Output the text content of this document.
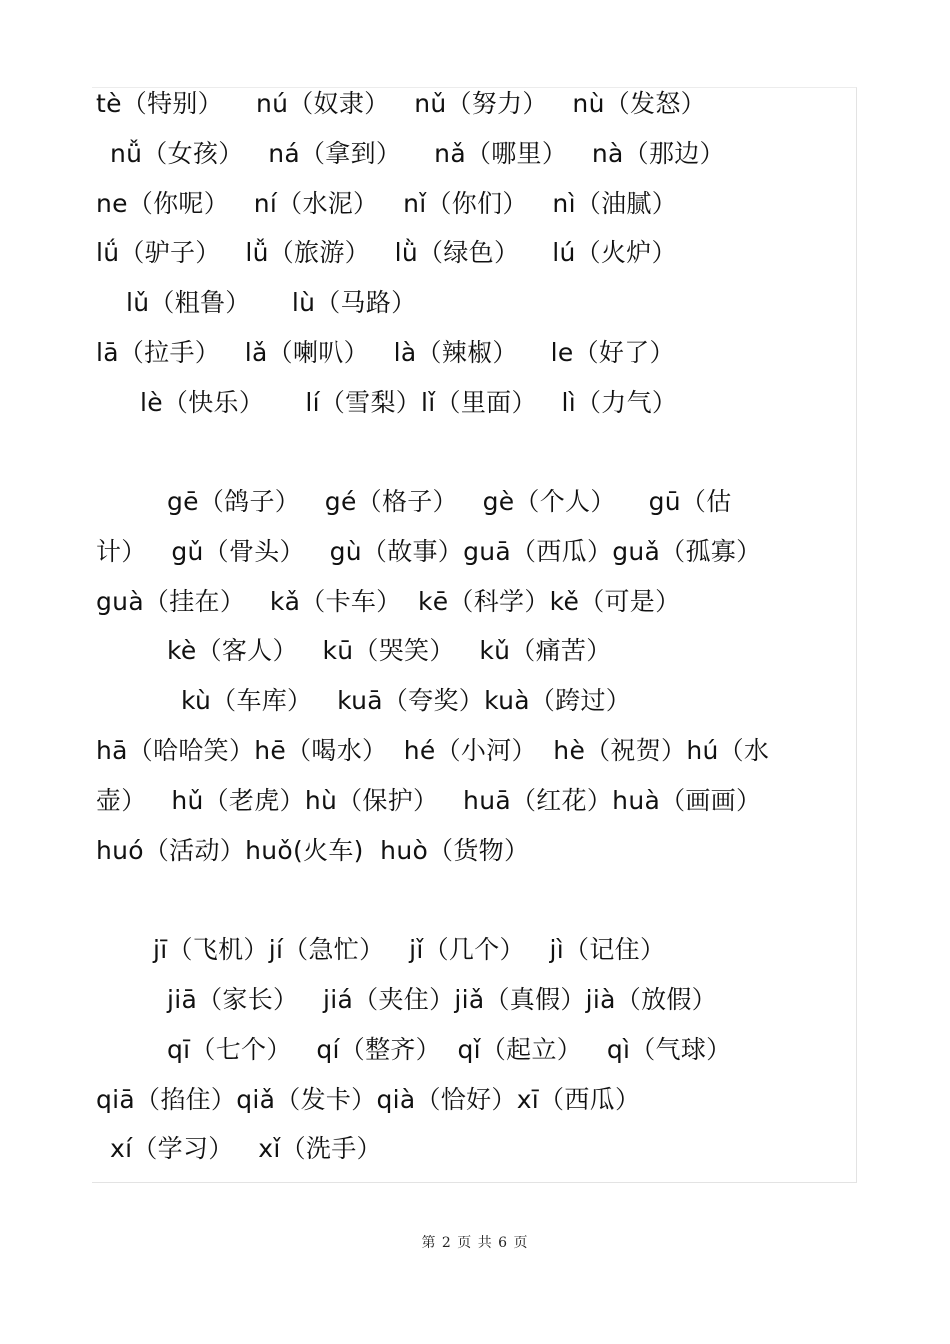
tè（特别）    nú（奴隶）   nǔ（努力）   nù（发怒）
nǚ（女孩）   ná（拿到）    nǎ（哪里）   nà（那边）
ne（你呢）   ní（水泥）   nǐ（你们）   nì（油腻）
lǘ（驴子）   lǚ（旅游）   lǜ（绿色）    lú（火炉）
lǔ（粗鲁）     lù（马路）
lā（拉手）   lǎ（喇叭）   là（辣椒）    le（好了）
lè（快乐）     lí（雪梨）lǐ（里面）   lì（力气）
gē（鸽子）   gé（格子）   gè（个人）    gū（估
计）   gǔ（骨头）   gù（故事）guā（西瓜）guǎ（孤寡）
guà（挂在）   kǎ（卡车）  kē（科学）kě（可是）
kè（客人）   kū（哭笑）   kǔ（痛苦）
kù（车库）   kuā（夸奖）kuà（跨过）
hā（哈哈笑）hē（喝水）  hé（小河）  hè（祝贺）hú（水
壶）   hǔ（老虎）hù（保护）   huā（红花）huà（画画）
huó（活动）huǒ(火车)  huò（货物）
jī（飞机）jí（急忙）   jǐ（几个）   jì（记住）
jiā（家长）   jiá（夹住）jiǎ（真假）jià（放假）
qī（七个）   qí（整齐）  qǐ（起立）   qì（气球）
qiā（掐住）qiǎ（发卡）qià（恰好）xī（西瓜）
xí（学习）   xǐ（洗手）
第 2 页 共 6 页
